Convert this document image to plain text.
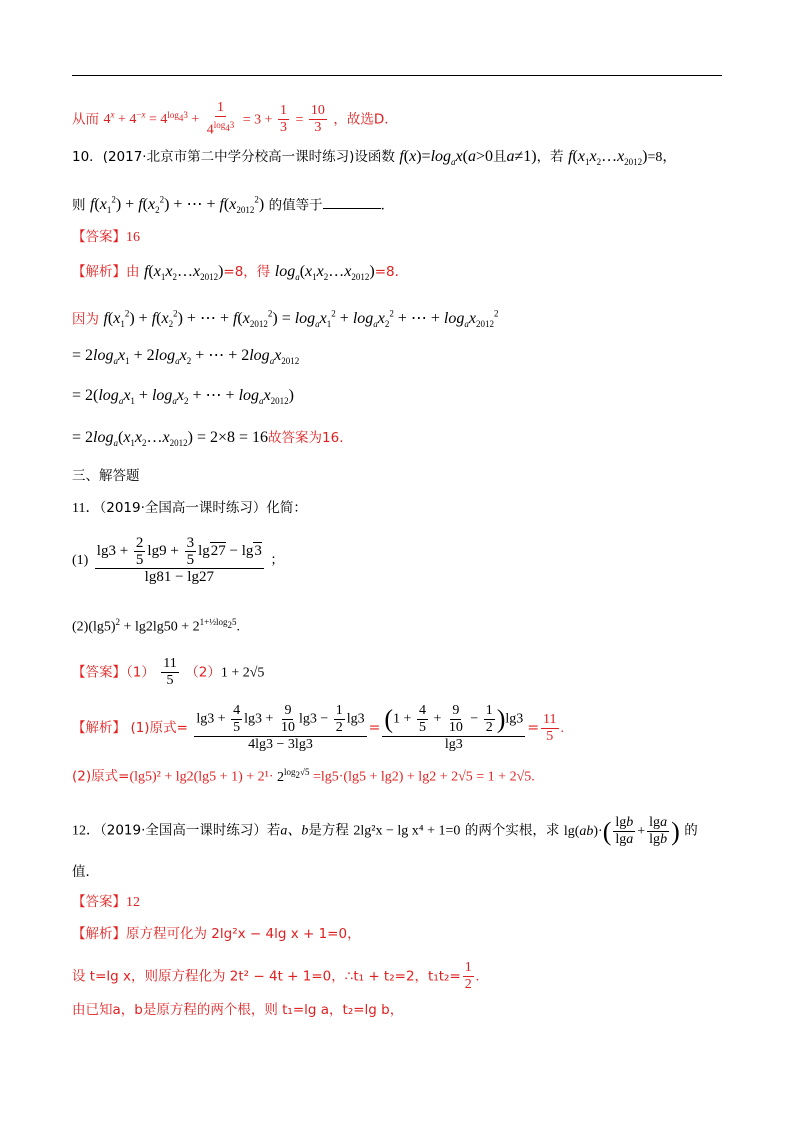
从而 $4^x + 4^{-x} = 4^{log_43} + \frac{1}{4^{log_43}} = 3 + \frac{1}{3} = \frac{10}{3}$ ，故选D．
10．(2017·北京市第二中学分校高一课时练习)设函数 $f(x)=\log_ax(a>0$且a≠1)，若 $f(x_1x_2\dots x_{2012})=8$，
则 $f(x_1^2) + f(x_2^2)$ + ⋯ + $f(x_{2012}^2)$ 的值等于	．
【答案】16
【解析】由 $f(x_1x_2\dots x_{2012})=8$，得 $\log_a(x_1x_2\dots x_{2012})=8$．
因为 $f(x_1^2) + f(x_2^2)$ + ⋯ + $f(x_{2012}^2) = \log_ax_1^2 + \log_ax_2^2$ + ⋯ + $\log_ax_{2012}^2$
= $2\log_ax_1 + 2\log_ax_2$ + ⋯ + $2\log_ax_{2012}$
= $2(\log_ax_1 + \log_ax_2$ + ⋯ + $\log_ax_{2012}$)
= $2\log_a(x_1x_2\dots x_{2012}) = 2\times 8 = 16$故答案为16.
三、解答题
11．（2019·全国高一课时练习）化简：
$(1) \frac{\lg 3 + \frac{2}{5} \lg 9 + \frac{3}{5} \lg 27 - \lg 3}{\lg 81 - \lg 27}$ ；
$(2)(\lg 5)^2 + \lg 2\lg 50 + 2^{1+\frac{1}{2}log_25}$.
【答案】$(1) \frac{11}{5} (2)1 + 2√5$
【解析】 (1)原式= $\frac{\lg 3 + \frac{4}{5} \lg 3 + \frac{9}{10} \lg 3 - \frac{1}{2} \lg 3}{4\lg 3 - 3\lg 3} = \frac{(1 + \frac{4}{5} + \frac{9}{10} - \frac{1}{2} )\lg 3}{\lg 3} = \frac{11}{5}$ .
(2)原式$=(\lg 5)^2 + \lg 2(\lg 5 + 1) + 2^1\cdot 2^{log_2√5} =\lg 5\cdot(\lg 5 + \lg 2) + \lg 2 + 2√5 = 1 + 2√5$.
12．（2019·全国高一课时练习）若a、b是方程 2lg²x − lg x⁴ + 1=0 的两个实根，求 $\lg(ab)\cdot( \frac{\lg b}{\lg a} + \frac{\lg a}{\lg b}$ ) 的
值．
【答案】12
【解析】原方程可化为 2lg²x − 4lg x + 1=0，
设 t=lg x，则原方程化为 2t² − 4t + 1=0，∴t₁ + t₂=2，$t_1t_2= \frac{1}{2}$ .
由已知a，b是原方程的两个根，则 t₁=lg a，t₂=lg b，
